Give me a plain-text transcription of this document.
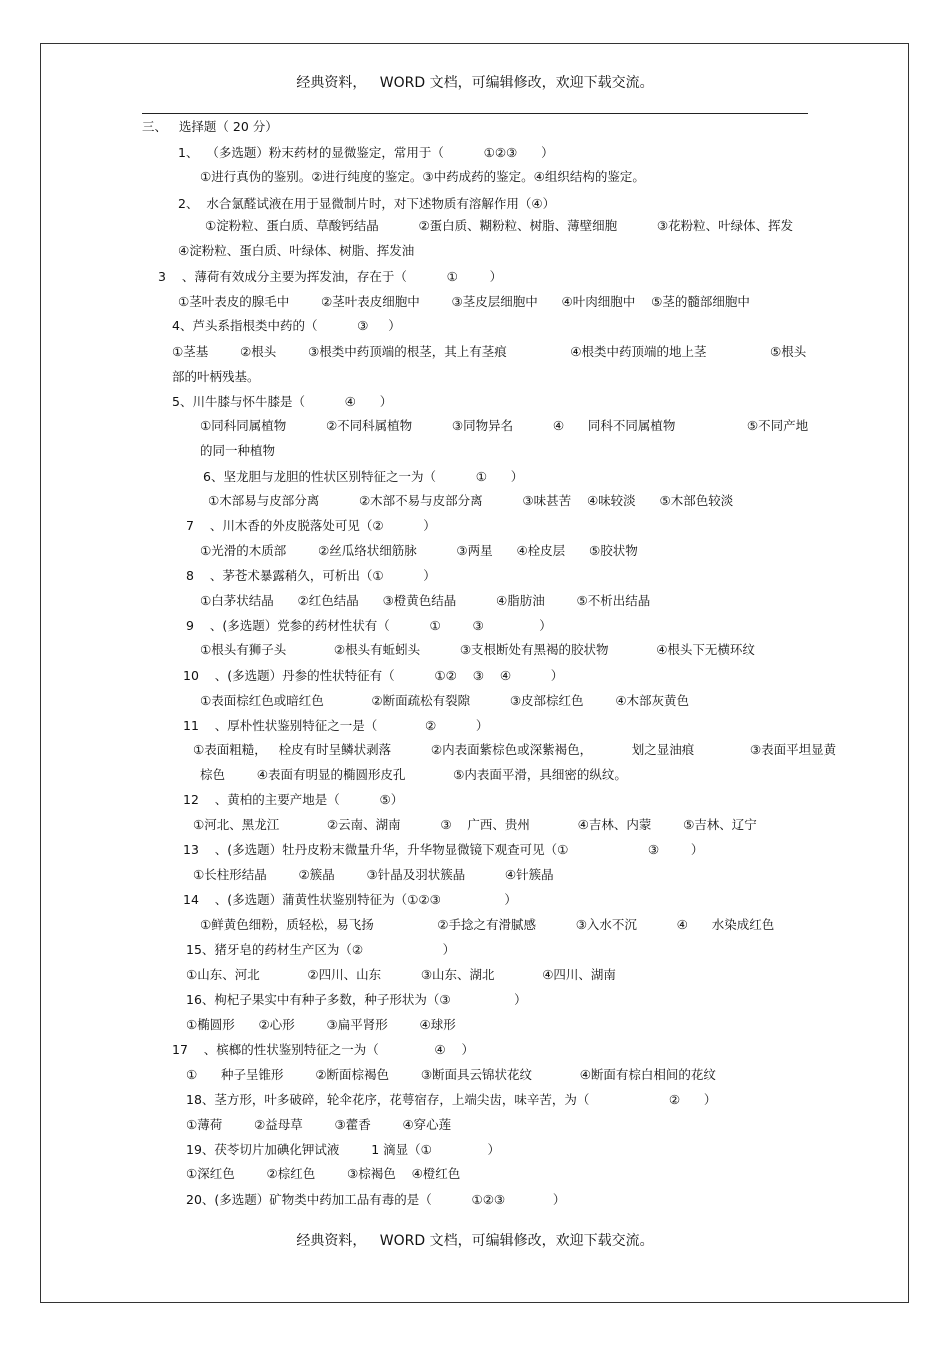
经典资料，   WORD 文档，可编辑修改，欢迎下载交流。
三、   选择题（ 20 分）
1、  （多选题）粉末药材的显微鉴定，常用于（          ①②③      ）
①进行真伪的鉴别。②进行纯度的鉴定。③中药成药的鉴定。④组织结构的鉴定。
2、  水合氯醛试液在用于显微制片时，对下述物质有溶解作用（④）
①淀粉粒、蛋白质、草酸钙结晶          ②蛋白质、糊粉粒、树脂、薄壁细胞          ③花粉粒、叶绿体、挥发
④淀粉粒、蛋白质、叶绿体、树脂、挥发油
3    、薄荷有效成分主要为挥发油，存在于（          ①        ）
①茎叶表皮的腺毛中        ②茎叶表皮细胞中        ③茎皮层细胞中      ④叶肉细胞中    ⑤茎的髓部细胞中
4、芦头系指根类中药的（          ③     ）
①茎基        ②根头        ③根类中药顶端的根茎，其上有茎痕                ④根类中药顶端的地上茎                ⑤根头
部的叶柄残基。
5、川牛膝与怀牛膝是（          ④      ）
①同科同属植物          ②不同科属植物          ③同物异名          ④      同科不同属植物                  ⑤不同产地
的同一种植物
6、坚龙胆与龙胆的性状区别特征之一为（          ①      ）
①木部易与皮部分离          ②木部不易与皮部分离          ③味甚苦    ④味较淡      ⑤木部色较淡
7    、川木香的外皮脱落处可见（②          ）
①光滑的木质部        ②丝瓜络状细筋脉          ③两星      ④栓皮层      ⑤胶状物
8    、茅苍术暴露稍久，可析出（①          ）
①白茅状结晶      ②红色结晶      ③橙黄色结晶          ④脂肪油        ⑤不析出结晶
9    、(多选题）党参的药材性状有（          ①        ③              ）
①根头有狮子头            ②根头有蚯蚓头          ③支根断处有黑褐的胶状物            ④根头下无横环纹
10    、(多选题）丹参的性状特征有（          ①②    ③    ④          ）
①表面棕红色或暗红色            ②断面疏松有裂隙          ③皮部棕红色        ④木部灰黄色
11    、厚朴性状鉴别特征之一是（            ②          ）
①表面粗糙，   栓皮有时呈鳞状剥落          ②内表面紫棕色或深紫褐色，          划之显油痕              ③表面平坦显黄
棕色        ④表面有明显的椭圆形皮孔            ⑤内表面平滑，具细密的纵纹。
12    、黄柏的主要产地是（          ⑤）
①河北、黑龙江            ②云南、湖南          ③    广西、贵州            ④吉林、内蒙        ⑤吉林、辽宁
13    、(多选题）牡丹皮粉末微量升华，升华物显微镜下观查可见（①                    ③        ）
①长柱形结晶        ②簇晶        ③针晶及羽状簇晶          ④针簇晶
14    、(多选题）蒲黄性状鉴别特征为（①②③                ）
①鲜黄色细粉，质轻松，易飞扬                ②手捻之有滑腻感          ③入水不沉          ④      水染成红色
15、猪牙皂的药材生产区为（②                    ）
①山东、河北            ②四川、山东          ③山东、湖北            ④四川、湖南
16、枸杞子果实中有种子多数，种子形状为（③                ）
①椭圆形      ②心形        ③扁平肾形        ④球形
17    、槟榔的性状鉴别特征之一为（              ④    ）
①      种子呈锥形        ②断面棕褐色        ③断面具云锦状花纹            ④断面有棕白相间的花纹
18、茎方形，叶多破碎，轮伞花序，花萼宿存，上端尖齿，味辛苦，为（                    ②      ）
①薄荷        ②益母草        ③藿香        ④穿心莲
19、茯苓切片加碘化钾试液        1 滴显（①              ）
①深红色        ②棕红色        ③棕褐色    ④橙红色
20、(多选题）矿物类中药加工品有毒的是（          ①②③            ）
经典资料，   WORD 文档，可编辑修改，欢迎下载交流。
